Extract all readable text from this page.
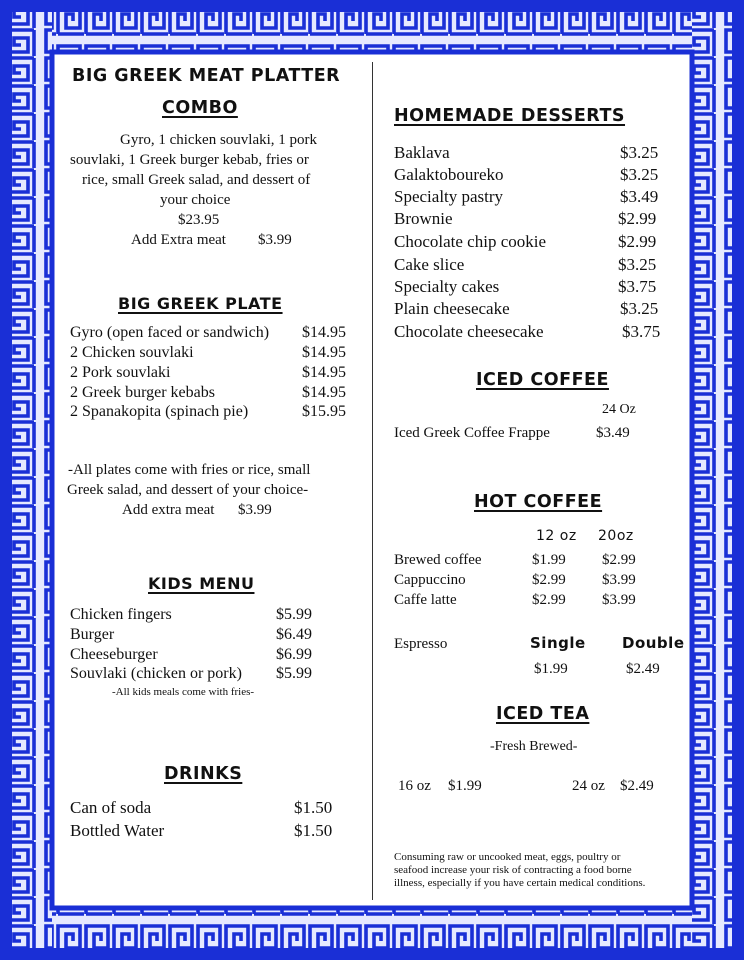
BIG GREEK MEAT PLATTER
COMBO

Gyro, 1 chicken souvlaki, 1 pork

souvlaki, 1 Greek burger kebab, fries or

rice, small Greek salad, and dessert of

your choice

$23.95

Add Extra meat $3.99

BIG GREEK PLATE
Gyro (open faced or sandwich) $14.95
2 Chicken souvlaki	$14.95
2 Pork souvlaki	$14.95
2 Greek burger kebabs	$14.95
2 Spanakopita (spinach pie)	$15.95

-All plates come with fries or rice, small

Greek salad, and dessert of your choice-

Add extra meat $3.99

KIDS MENU
Chicken fingers	$5.99
Burger	$6.49
Cheeseburger	$6.99
Souvlaki (chicken or pork) $5.99

-All kids meals come with fries-

DRINKS
Can of soda	$1.50
Bottled Water	$1.50
HOMEMADE DESSERTS
Baklava	$3.25
Galaktoboureko	$3.25
Specialty pastry	$3.49
Brownie	$2.99
Chocolate chip cookie	$2.99
Cake slice	$3.25
Specialty cakes	$3.75
Plain cheesecake	$3.25
Chocolate cheesecake	$3.75
ICED COFFEE

24 Oz

Iced Greek Coffee Frappe	$3.49

HOT COFFEE

12 oz 20oz

Brewed coffee	$1.99 $2.99
Cappuccino	$2.99 $3.99
Caffe latte	$2.99 $3.99

Espresso	Single Double

$1.99	$2.49

ICED TEA

-Fresh Brewed-

16 oz $1.99	24 oz $2.49

Consuming raw or uncooked meat, eggs, poultry or

seafood increase your risk of contracting a food borne

illness, especially if you have certain medical conditions.
